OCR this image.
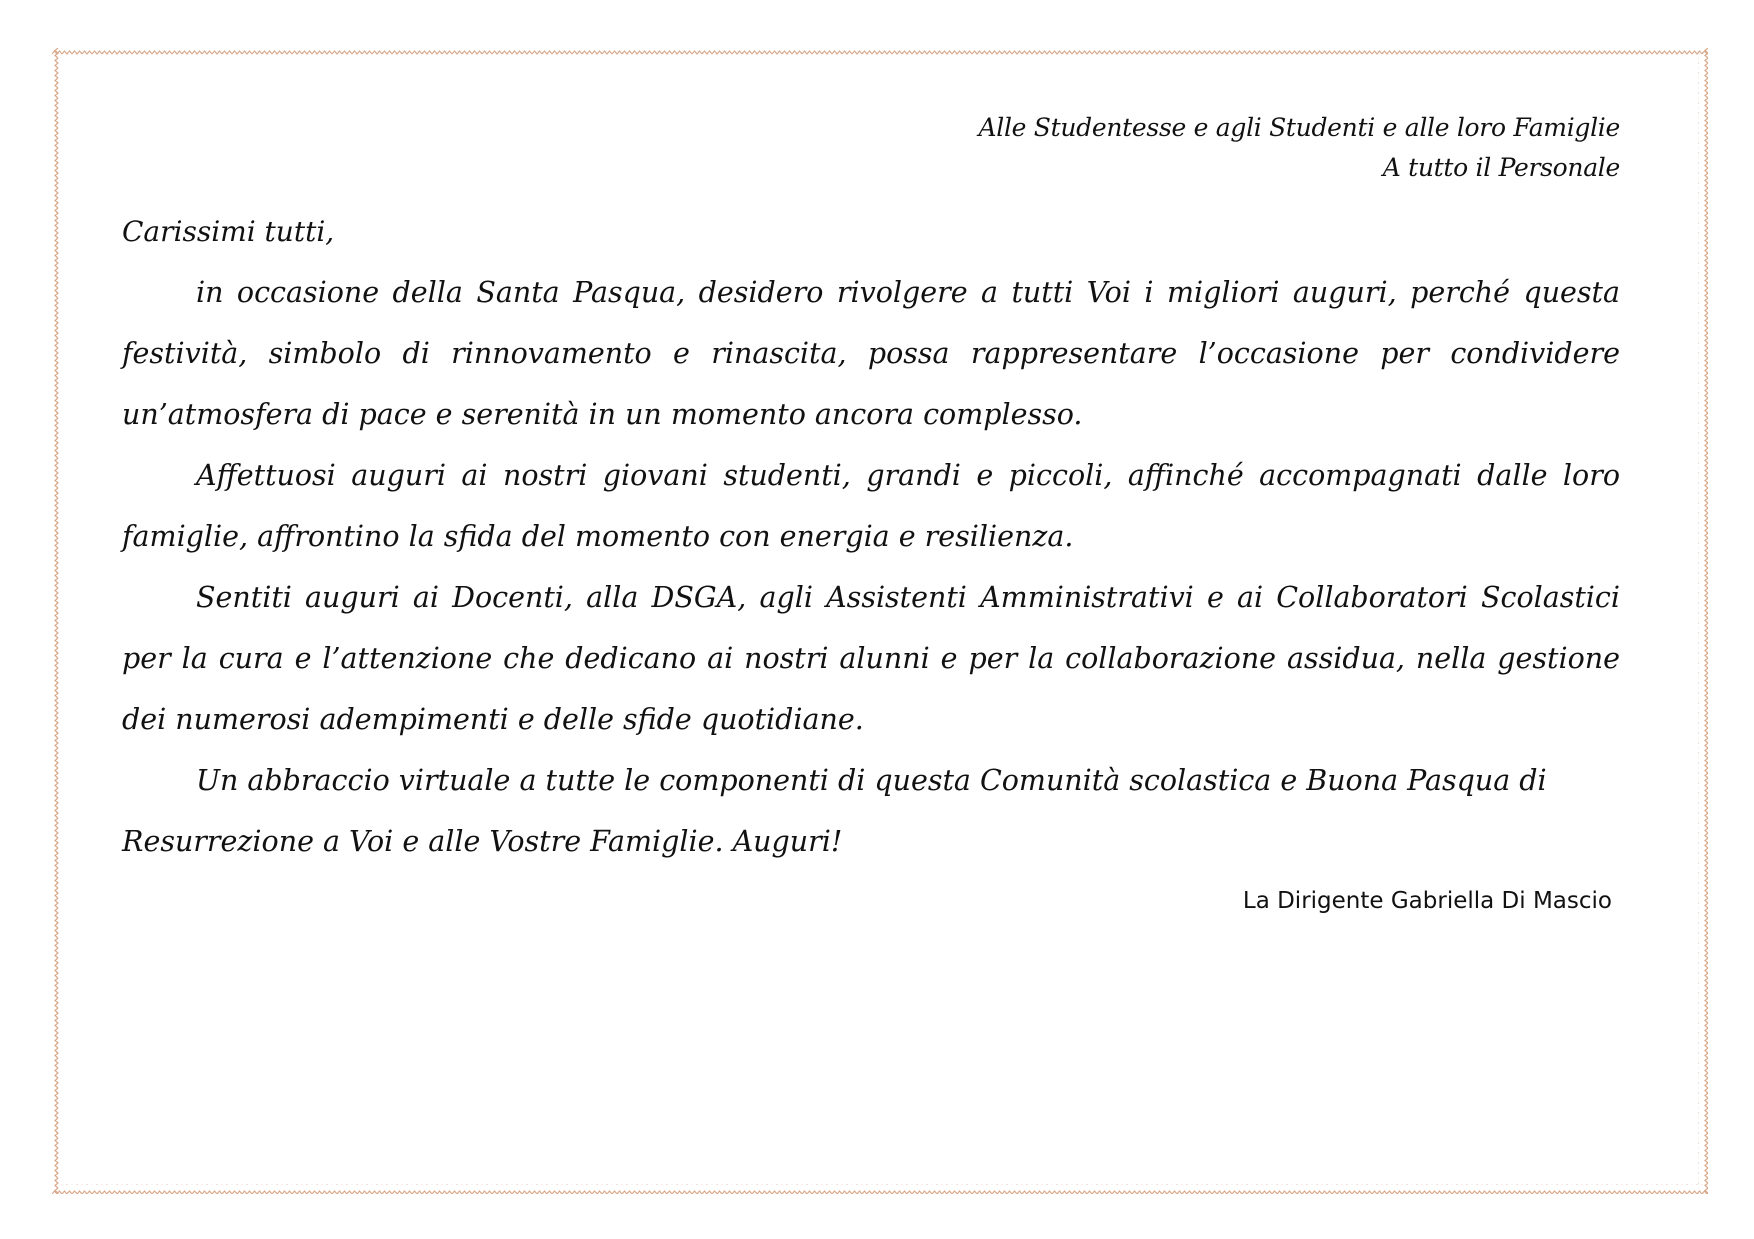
Alle Studentesse e agli Studenti e alle loro Famiglie
A tutto il Personale
Carissimi tutti,

in occasione della Santa Pasqua, desidero rivolgere a tutti Voi i migliori auguri, perché questa festività, simbolo di rinnovamento e rinascita, possa rappresentare l’occasione per condividere un’atmosfera di pace e serenità in un momento ancora complesso.

Affettuosi auguri ai nostri giovani studenti, grandi e piccoli, affinché accompagnati dalle loro famiglie, affrontino la sfida del momento con energia e resilienza.

Sentiti auguri ai Docenti, alla DSGA, agli Assistenti Amministrativi e ai Collaboratori Scolastici per la cura e l’attenzione che dedicano ai nostri alunni e per la collaborazione assidua, nella gestione dei numerosi adempimenti e delle sfide quotidiane.

Un abbraccio virtuale a tutte le componenti di questa Comunità scolastica e Buona Pasqua di Resurrezione a Voi e alle Vostre Famiglie. Auguri!

La Dirigente Gabriella Di Mascio
